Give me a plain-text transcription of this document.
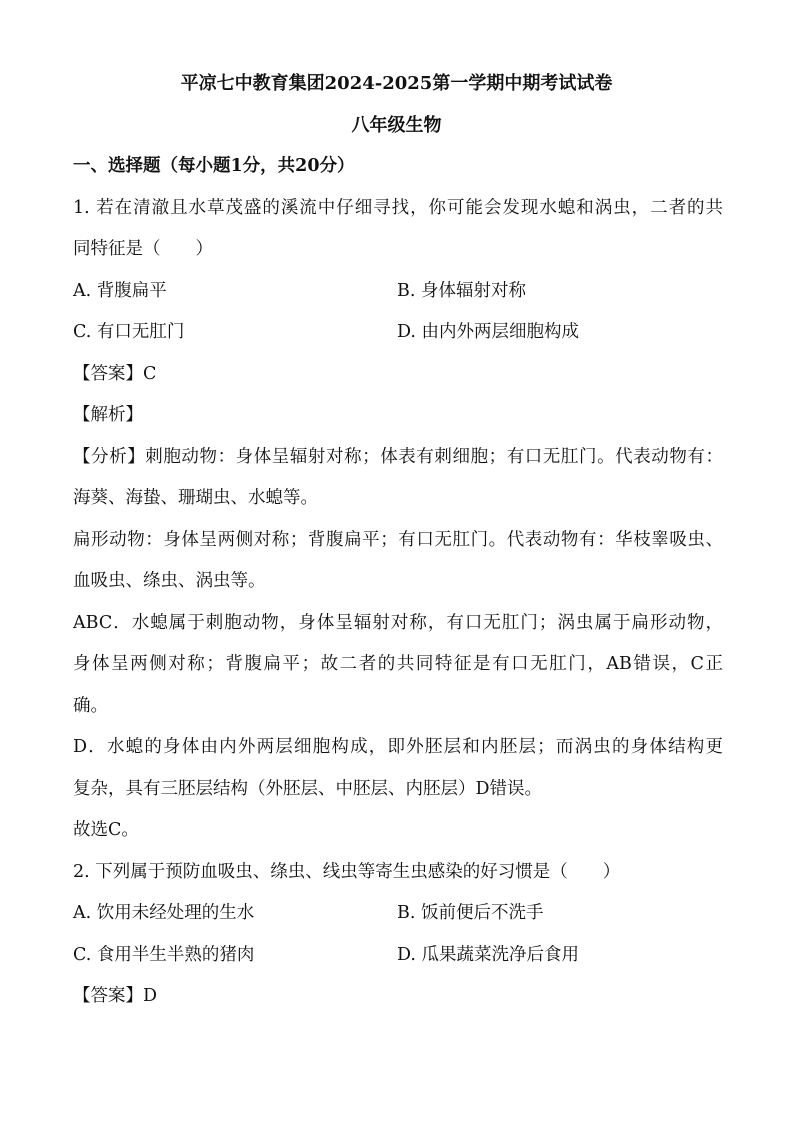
平凉七中教育集团2024-2025第一学期中期考试试卷
八年级生物
一、选择题（每小题1分，共20分）
1. 若在清澈且水草茂盛的溪流中仔细寻找，你可能会发现水螅和涡虫，二者的共
同特征是（　　）
A. 背腹扁平	B. 身体辐射对称
C. 有口无肛门	D. 由内外两层细胞构成
【答案】C
【解析】
【分析】刺胞动物：身体呈辐射对称；体表有刺细胞；有口无肛门。代表动物有：
海葵、海蛰、珊瑚虫、水螅等。
扁形动物：身体呈两侧对称；背腹扁平；有口无肛门。代表动物有：华枝睾吸虫、
血吸虫、绦虫、涡虫等。
ABC．水螅属于刺胞动物，身体呈辐射对称，有口无肛门；涡虫属于扁形动物，
身体呈两侧对称；背腹扁平；故二者的共同特征是有口无肛门，AB错误，C正
确。
D．水螅的身体由内外两层细胞构成，即外胚层和内胚层；而涡虫的身体结构更
复杂，具有三胚层结构（外胚层、中胚层、内胚层）D错误。
故选C。
2. 下列属于预防血吸虫、绦虫、线虫等寄生虫感染的好习惯是（　　）
A. 饮用未经处理的生水	B. 饭前便后不洗手
C. 食用半生半熟的猪肉	D. 瓜果蔬菜洗净后食用
【答案】D
